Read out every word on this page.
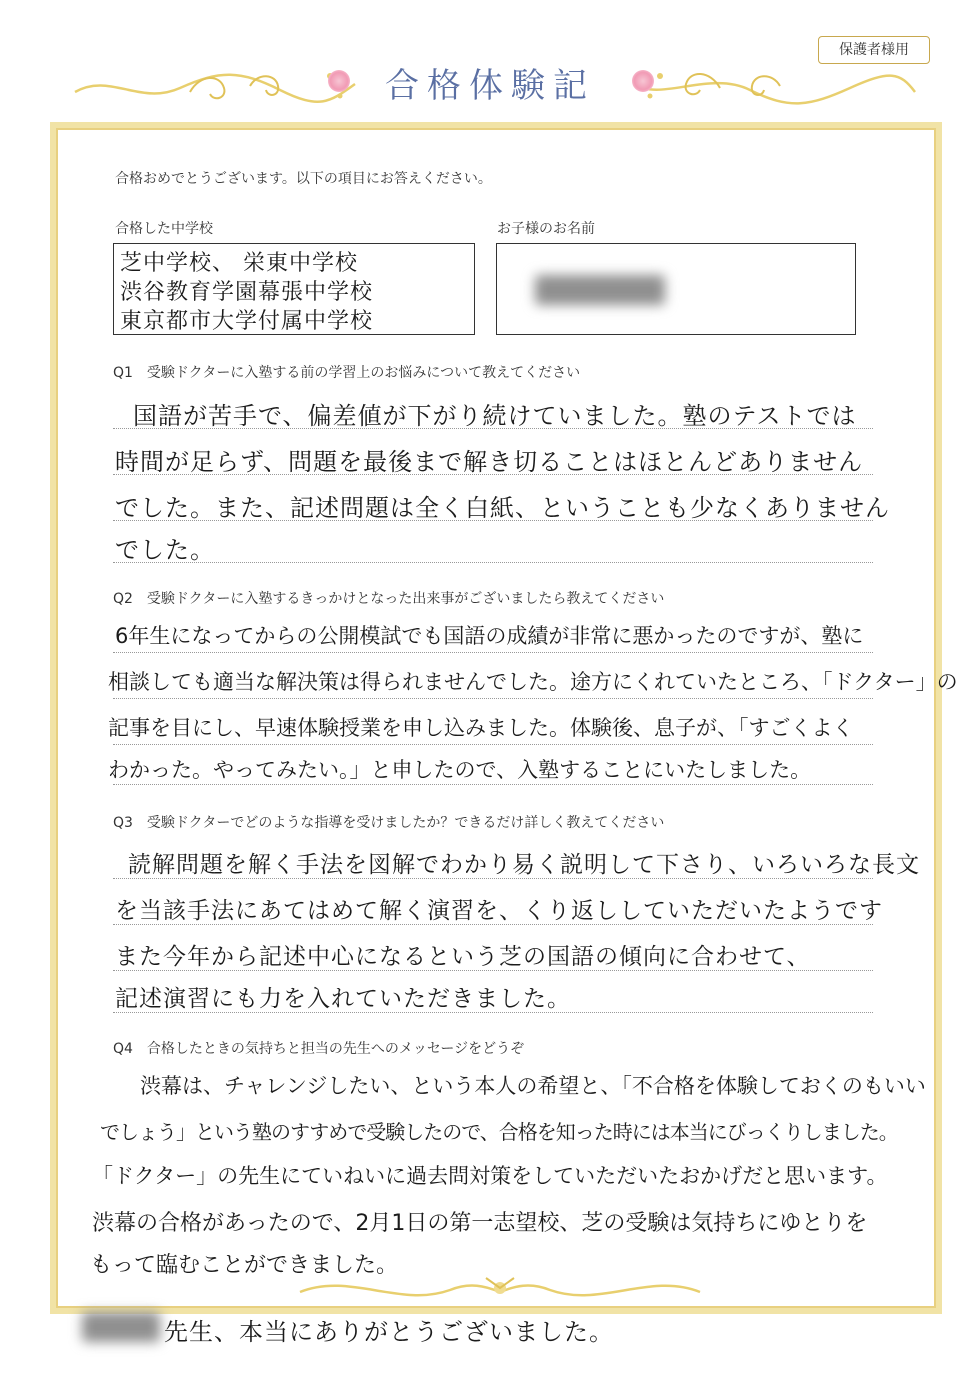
保護者様用
合格体験記
合格おめでとうございます。以下の項目にお答えください。
合格した中学校
芝中学校、 栄東中学校
渋谷教育学園幕張中学校
東京都市大学付属中学校
お子様のお名前
Q1　受験ドクターに入塾する前の学習上のお悩みについて教えてください
国語が苦手で、偏差値が下がり続けていました。塾のテストでは
時間が足らず、問題を最後まで解き切ることはほとんどありません
でした。また、記述問題は全く白紙、ということも少なくありません
でした。
Q2　受験ドクターに入塾するきっかけとなった出来事がございましたら教えてください
6年生になってからの公開模試でも国語の成績が非常に悪かったのですが、塾に
相談しても適当な解決策は得られませんでした。途方にくれていたところ、「ドクター」の
記事を目にし、早速体験授業を申し込みました。体験後、息子が、「すごくよく
わかった。やってみたい。」と申したので、入塾することにいたしました。
Q3　受験ドクターでどのような指導を受けましたか？できるだけ詳しく教えてください
読解問題を解く手法を図解でわかり易く説明して下さり、いろいろな長文
を当該手法にあてはめて解く演習を、くり返ししていただいたようです
また今年から記述中心になるという芝の国語の傾向に合わせて、
記述演習にも力を入れていただきました。
Q4　合格したときの気持ちと担当の先生へのメッセージをどうぞ
渋幕は、チャレンジしたい、という本人の希望と、「不合格を体験しておくのもいい
でしょう」という塾のすすめで受験したので、合格を知った時には本当にびっくりしました。
「ドクター」の先生にていねいに過去問対策をしていただいたおかげだと思います。
渋幕の合格があったので、2月1日の第一志望校、芝の受験は気持ちにゆとりを
もって臨むことができました。
先生、本当にありがとうございました。
